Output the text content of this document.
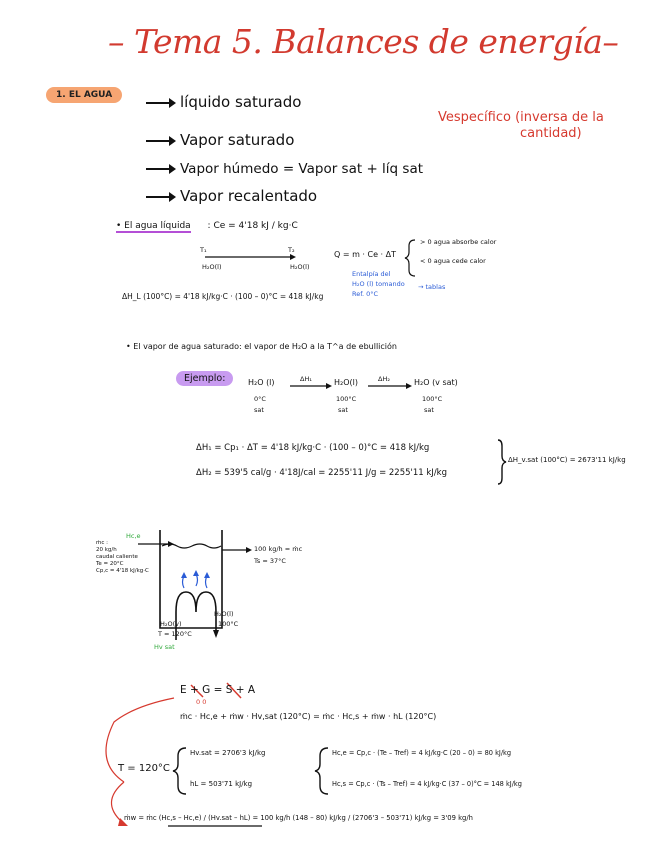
– Tema 5. Balances de energía–
1. EL AGUA	líquido saturado
Vapor saturado
Vapor húmedo = Vapor sat + líq sat
Vapor recalentado
Vespecífico (inversa de la
cantidad)
• El agua líquida : Ce = 4'18 kJ / kg·C
T₁	T₂
H₂O(l)	H₂O(l)
Q = m · Ce · ΔT
> 0 agua absorbe calor
< 0 agua cede calor
Entalpía del
H₂O (l) tomando
Ref. 0°C
→ tablas
ΔH_L (100°C) = 4'18 kJ/kg·C · (100 – 0)°C = 418 kJ/kg
• El vapor de agua saturado: el vapor de H₂O a la T^a de ebullición
Ejemplo:	H₂O (l)	ΔH₁	H₂O(l)	ΔH₂	H₂O (v sat)
0°C	100°C	100°C
sat	sat	sat
ΔH₁ = Cp₁ · ΔT = 4'18 kJ/kg·C · (100 – 0)°C = 418 kJ/kg
ΔH₂ = 539'5 cal/g · 4'18J/cal = 2255'11 J/g = 2255'11 kJ/kg
ΔH_v.sat (100°C) = 2673'11 kJ/kg
Hc,e
ṁc :
20 kg/h
caudal caliente
Te = 20°C
Cp,c = 4'18 kJ/kg·C
100 kg/h = ṁc
Ts = 37°C
H₂O(v)
T = 120°C
Hv sat
H₂O(l)
100°C
E + G = S + A
0 0
ṁc · Hc,e + ṁw · Hv,sat (120°C) = ṁc · Hc,s + ṁw · hL (120°C)
T = 120°C
Hv.sat = 2706'3 kJ/kg
hL = 503'71 kJ/kg
Hc,e = Cp,c · (Te – Tref) = 4 kJ/kg·C (20 – 0) = 80 kJ/kg
Hc,s = Cp,c · (Ts – Tref) = 4 kJ/kg·C (37 – 0)°C = 148 kJ/kg
ṁw = ṁc (Hc,s – Hc,e) / (Hv.sat – hL) = 100 kg/h (148 – 80) kJ/kg / (2706'3 – 503'71) kJ/kg = 3'09 kg/h
